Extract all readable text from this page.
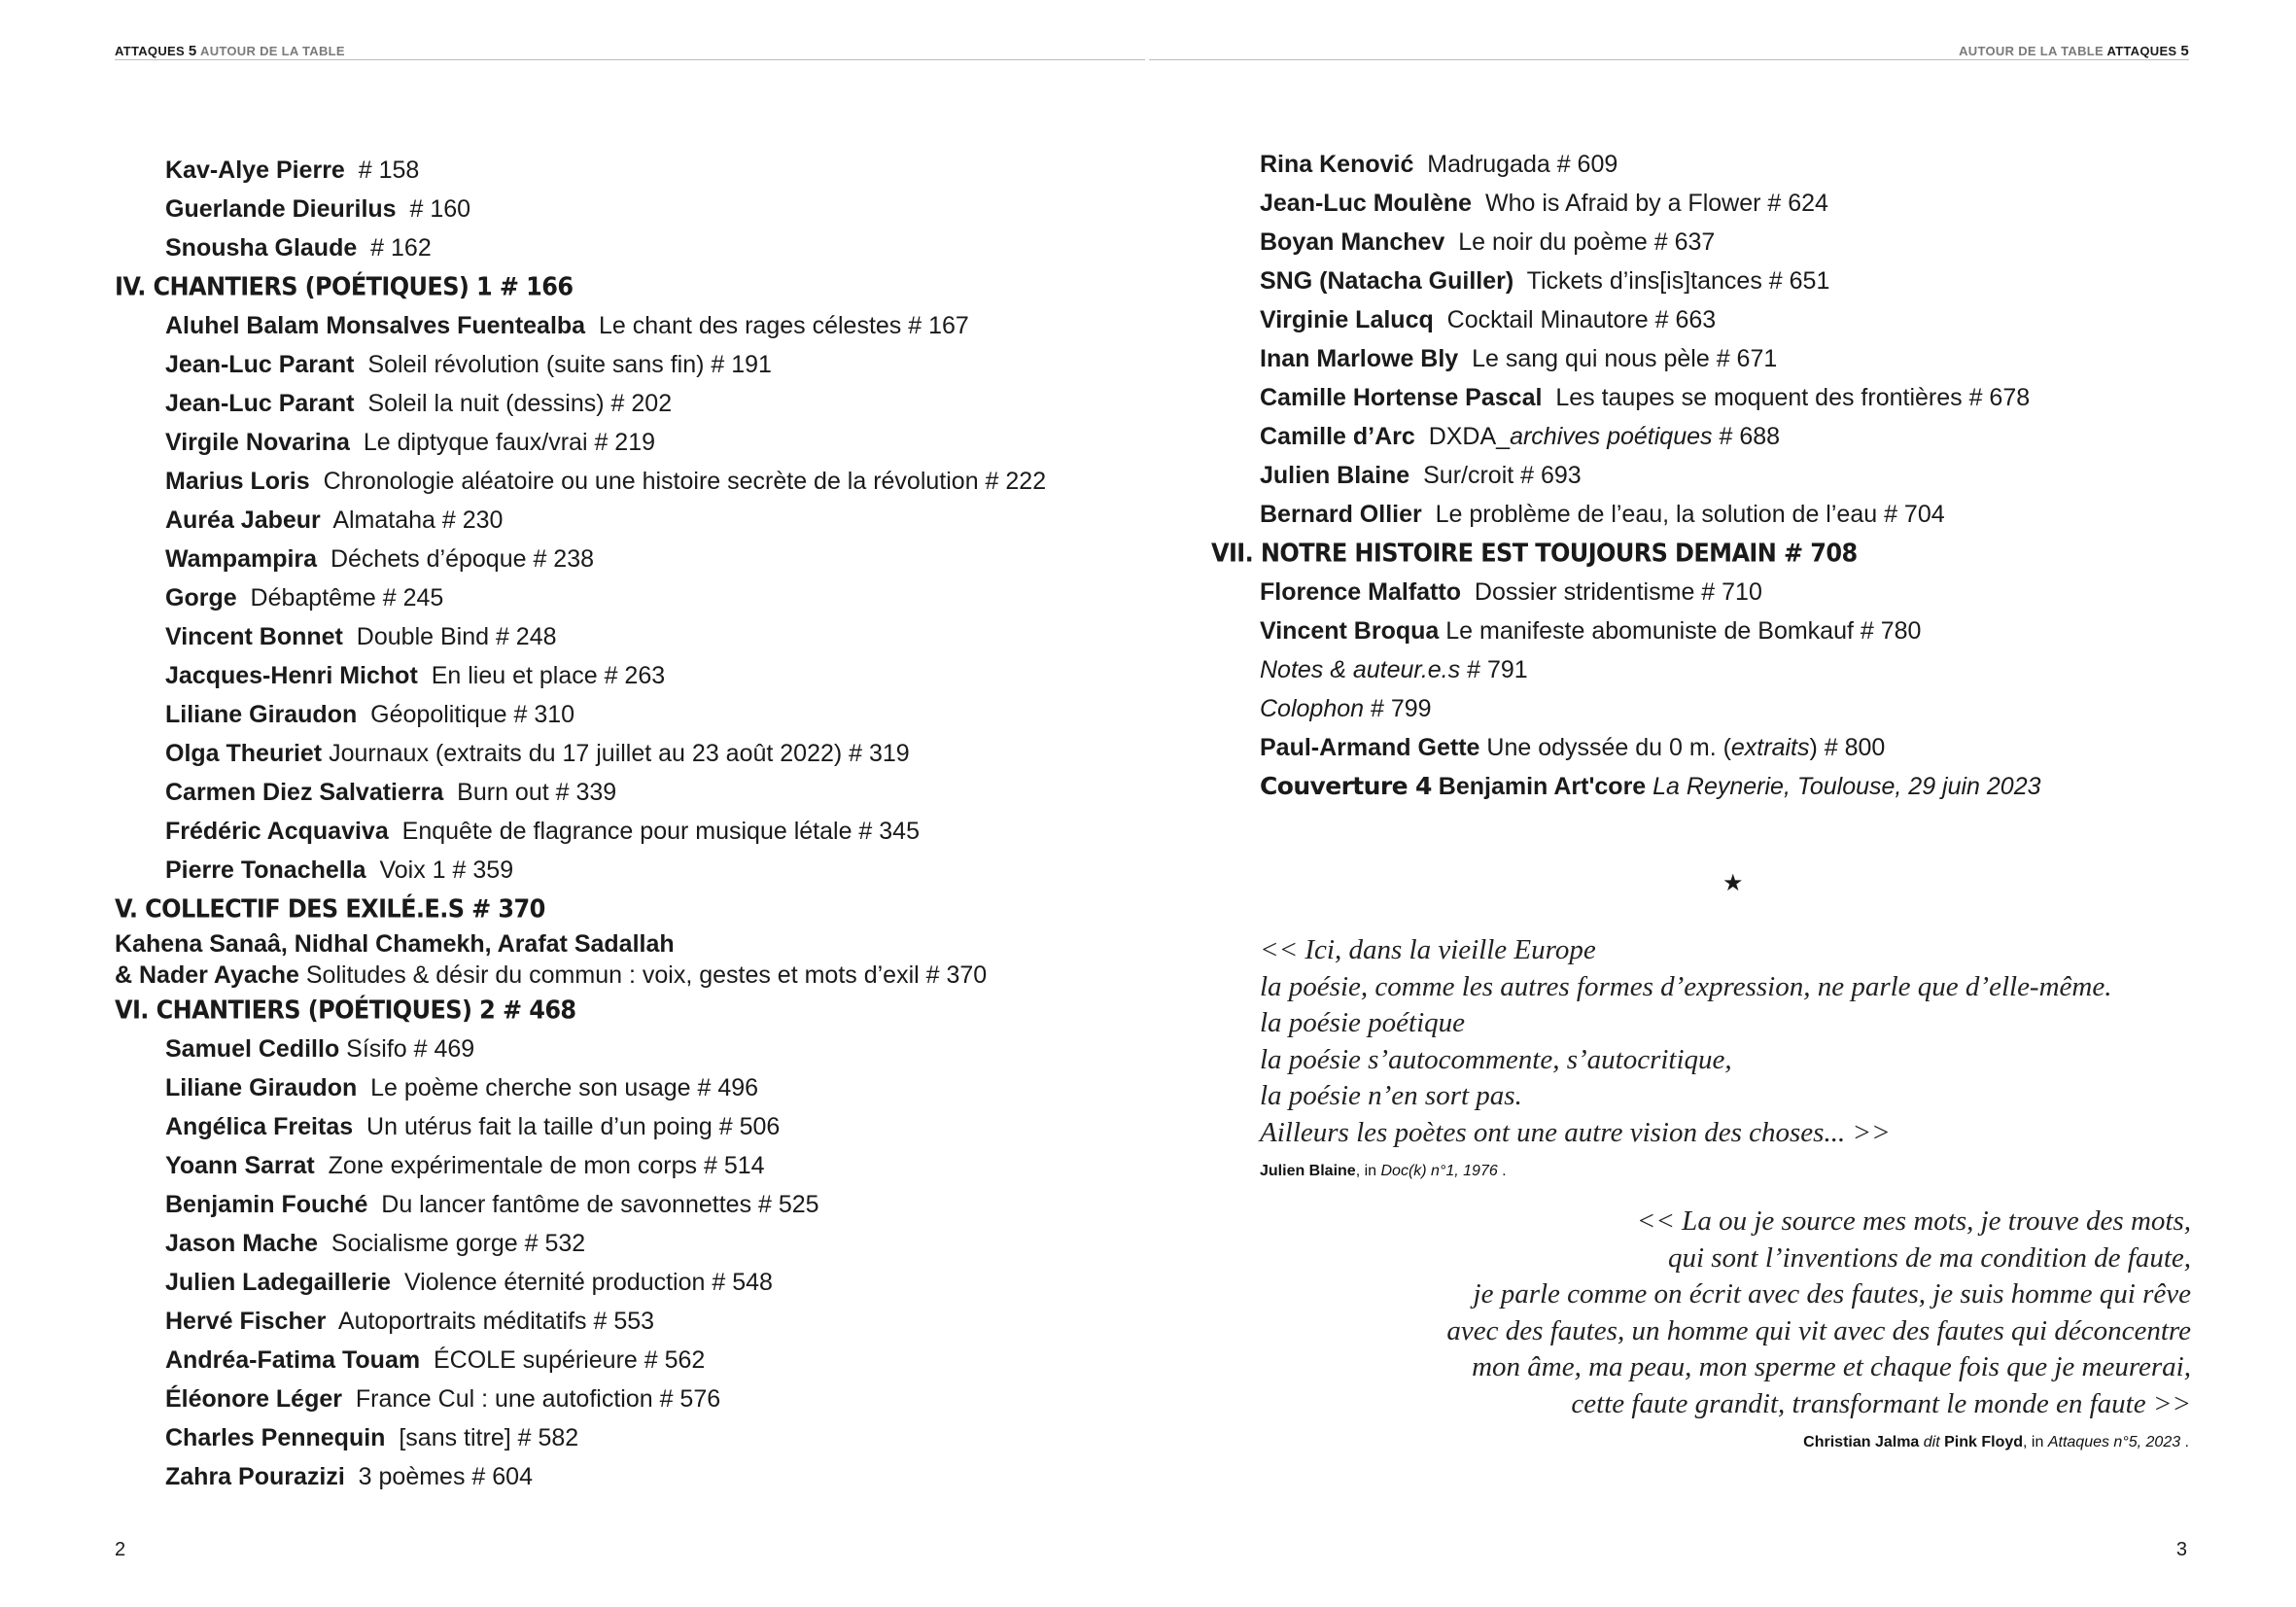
ATTAQUES 5 AUTOUR DE LA TABLE	AUTOUR DE LA TABLE ATTAQUES 5
Kav-Alye Pierre # 158
Guerlande Dieurilus # 160
Snousha Glaude # 162
IV. CHANTIERS (POÉTIQUES) 1 # 166
Aluhel Balam Monsalves Fuentealba Le chant des rages célestes # 167
Jean-Luc Parant Soleil révolution (suite sans fin) # 191
Jean-Luc Parant Soleil la nuit (dessins) # 202
Virgile Novarina Le diptyque faux/vrai # 219
Marius Loris Chronologie aléatoire ou une histoire secrète de la révolution # 222
Auréa Jabeur Almataha # 230
Wampampira Déchets d’époque # 238
Gorge Débaptême # 245
Vincent Bonnet Double Bind # 248
Jacques-Henri Michot En lieu et place # 263
Liliane Giraudon Géopolitique # 310
Olga Theuriet Journaux (extraits du 17 juillet au 23 août 2022) # 319
Carmen Diez Salvatierra Burn out # 339
Frédéric Acquaviva Enquête de flagrance pour musique létale # 345
Pierre Tonachella Voix 1 # 359
V. COLLECTIF DES EXILÉ.E.S # 370
Kahena Sanaâ, Nidhal Chamekh, Arafat Sadallah
& Nader Ayache Solitudes & désir du commun : voix, gestes et mots d’exil # 370
VI. CHANTIERS (POÉTIQUES) 2 # 468
Samuel Cedillo Sísifo # 469
Liliane Giraudon Le poème cherche son usage # 496
Angélica Freitas Un utérus fait la taille d’un poing # 506
Yoann Sarrat Zone expérimentale de mon corps # 514
Benjamin Fouché Du lancer fantôme de savonnettes # 525
Jason Mache Socialisme gorge # 532
Julien Ladegaillerie Violence éternité production # 548
Hervé Fischer Autoportraits méditatifs # 553
Andréa-Fatima Touam ÉCOLE supérieure # 562
Éléonore Léger France Cul : une autofiction # 576
Charles Pennequin [sans titre] # 582
Zahra Pourazizi 3 poèmes # 604
2
Rina Kenović Madrugada # 609
Jean-Luc Moulène Who is Afraid by a Flower # 624
Boyan Manchev Le noir du poème # 637
SNG (Natacha Guiller) Tickets d’ins[is]tances # 651
Virginie Lalucq Cocktail Minautore # 663
Inan Marlowe Bly Le sang qui nous pèle # 671
Camille Hortense Pascal Les taupes se moquent des frontières # 678
Camille d’Arc DXDA_archives poétiques # 688
Julien Blaine Sur/croit # 693
Bernard Ollier Le problème de l’eau, la solution de l’eau # 704
VII. NOTRE HISTOIRE EST TOUJOURS DEMAIN # 708
Florence Malfatto Dossier stridentisme # 710
Vincent Broqua Le manifeste abomuniste de Bomkauf # 780
Notes & auteur.e.s # 791
Colophon # 799
Paul-Armand Gette Une odyssée du 0 m. (extraits) # 800
Couverture 4 Benjamin Art'core La Reynerie, Toulouse, 29 juin 2023
★
<< Ici, dans la vieille Europe
la poésie, comme les autres formes d’expression, ne parle que d’elle-même.
la poésie poétique
la poésie s’autocommente, s’autocritique,
la poésie n’en sort pas.
Ailleurs les poètes ont une autre vision des choses... >>
Julien Blaine, in Doc(k) n°1, 1976 .
<< La ou je source mes mots, je trouve des mots,
qui sont l’inventions de ma condition de faute,
je parle comme on écrit avec des fautes, je suis homme qui rêve
avec des fautes, un homme qui vit avec des fautes qui déconcentre
mon âme, ma peau, mon sperme et chaque fois que je meurerai,
cette faute grandit, transformant le monde en faute >>
Christian Jalma dit Pink Floyd, in Attaques n°5, 2023 .
3
